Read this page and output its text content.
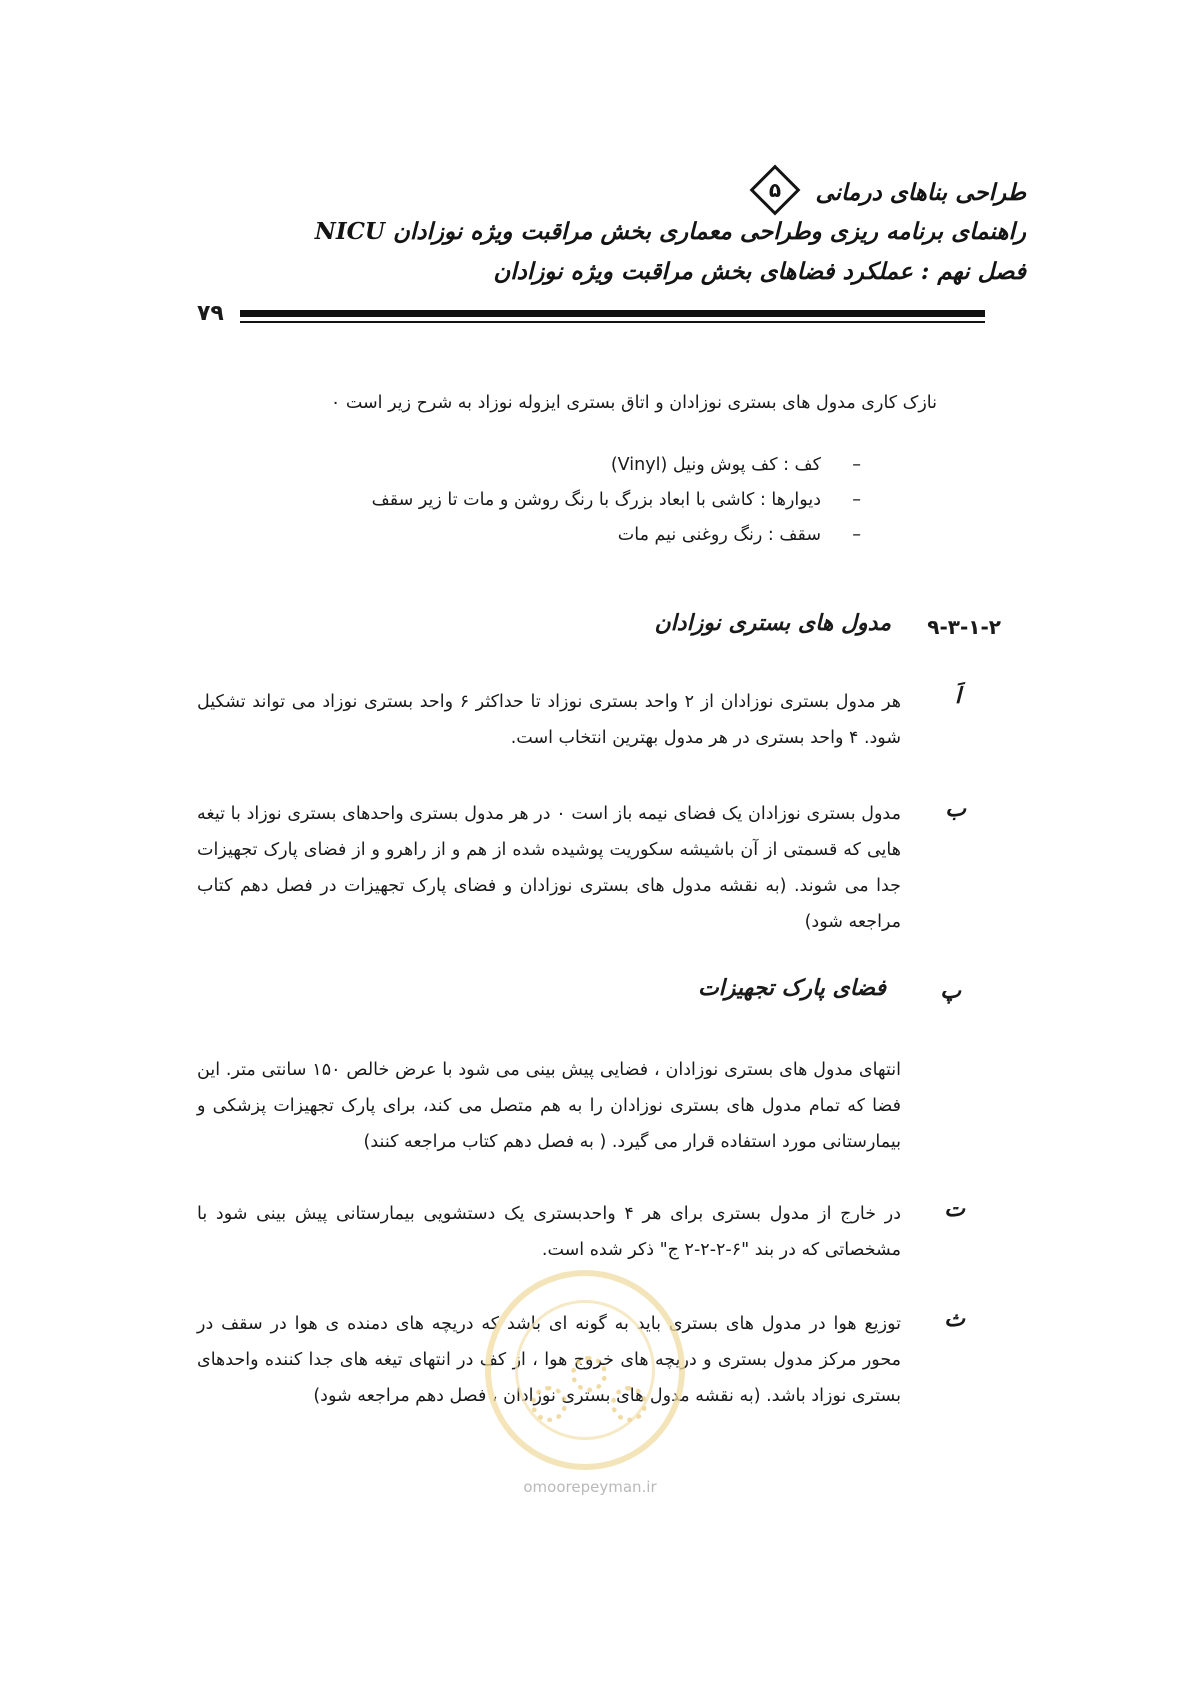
طراحی بناهای درمانی
۵
راهنمای برنامه ریزی وطراحی معماری بخش مراقبت ویژه نوزادان NICU
فصل نهم : عملکرد فضاهای بخش مراقبت ویژه نوزادان
۷۹
نازک کاری مدول های بستری نوزادان و اتاق بستری ایزوله نوزاد به شرح زیر است ٠
–
کف : کف پوش ونیل (Vinyl)
–
دیوارها : کاشی با ابعاد بزرگ با رنگ روشن و مات تا زیر سقف
–
سقف : رنگ روغنی نیم مات
۹-۳-۱-۲
مدول های بستری نوزادان
اَ
هر مدول بستری نوزادان از ۲ واحد بستری نوزاد تا حداکثر ۶ واحد بستری نوزاد می تواند تشکیل شود. ۴ واحد بستری در هر مدول بهترین انتخاب است.
ب
مدول بستری نوزادان یک فضای نیمه باز است ٠ در هر مدول بستری واحدهای بستری نوزاد با تیغه هایی که قسمتی از آن باشیشه سکوریت پوشیده شده از هم و از راهرو و از فضای پارک تجهیزات جدا می شوند. (به نقشه مدول های بستری نوزادان و فضای پارک تجهیزات در فصل دهم کتاب مراجعه شود)
پ
فضای پارک تجهیزات
انتهای مدول های بستری نوزادان ، فضایی پیش بینی می شود با عرض خالص ۱۵۰ سانتی متر. این فضا که تمام مدول های بستری نوزادان را به هم متصل می کند، برای پارک تجهیزات پزشکی و بیمارستانی مورد استفاده قرار می گیرد. ( به فصل دهم کتاب مراجعه کنند)
ت
در خارج از مدول بستری برای هر ۴ واحدبستری یک دستشویی بیمارستانی پیش بینی شود با مشخصاتی که در بند "۶-۲-۲-۲ ج" ذکر شده است.
ث
توزیع هوا در مدول های بستری باید به گونه ای باشد که دریچه های دمنده ی هوا در سقف در محور مرکز مدول بستری و دریچه های خروج هوا ، از کف در انتهای تیغه های جدا کننده واحدهای بستری نوزاد باشد. (به نقشه مدول های بستری نوزادان ، فصل دهم مراجعه شود)
omoorepeyman.ir
